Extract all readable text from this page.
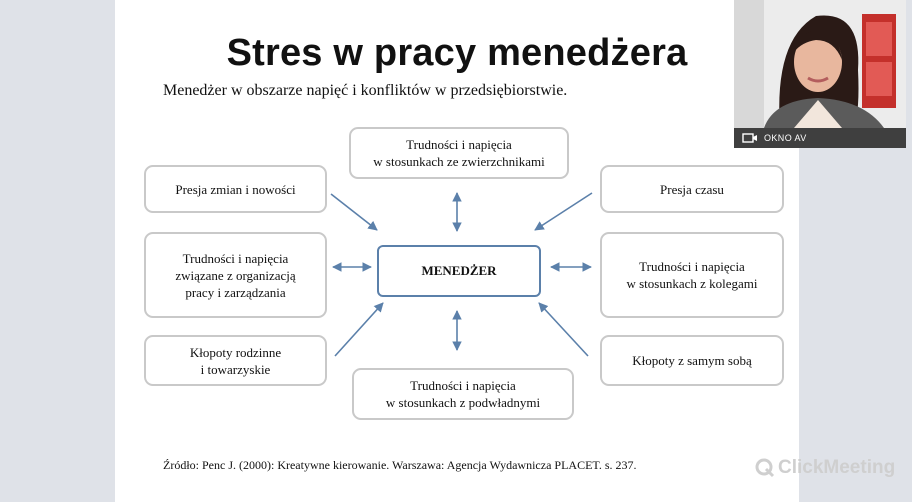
Stres w pracy menedżera
Menedżer w obszarze napięć i konfliktów w przedsiębiorstwie.
Trudności i napięcia
w stosunkach ze zwierzchnikami
Presja zmian i nowości	Presja czasu
Trudności i napięcia
związane z organizacją
pracy i zarządzania
MENEDŻER	Trudności i napięcia
w stosunkach z kolegami
Kłopoty rodzinne
i towarzyskie
Kłopoty z samym sobą
Trudności i napięcia
w stosunkach z podwładnymi
Źródło: Penc J. (2000): Kreatywne kierowanie. Warszawa: Agencja Wydawnicza PLACET. s. 237.
OKNO AV
ClickMeeting
